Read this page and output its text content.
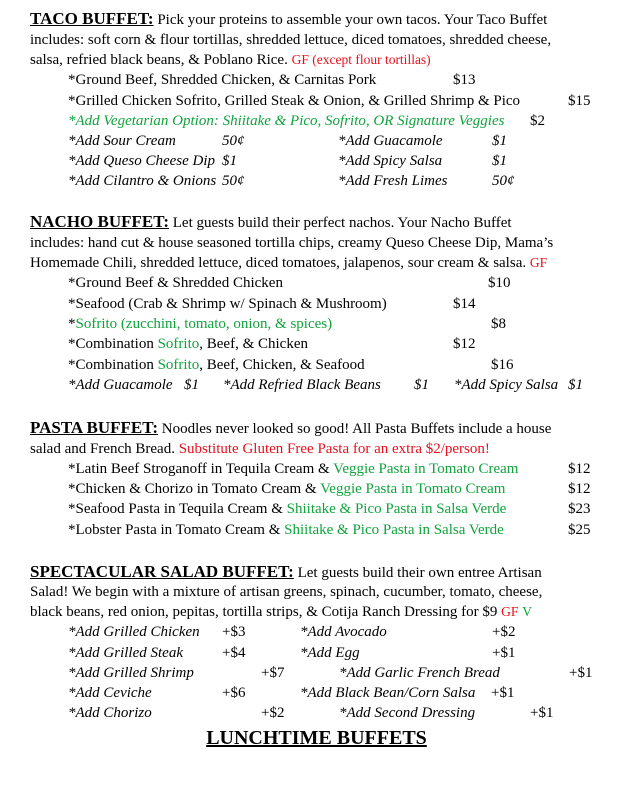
TACO BUFFET: Pick your proteins to assemble your own tacos. Your Taco Buffet
includes: soft corn & flour tortillas, shredded lettuce, diced tomatoes, shredded cheese,
salsa, refried black beans, & Poblano Rice. GF (except flour tortillas)
*Ground Beef, Shredded Chicken, & Carnitas Pork	$13
*Grilled Chicken Sofrito, Grilled Steak & Onion, & Grilled Shrimp & Pico	$15
*Add Vegetarian Option: Shiitake & Pico, Sofrito, OR Signature Veggies $2
*Add Sour Cream	50¢	*Add Guacamole	$1
*Add Queso Cheese Dip $1	*Add Spicy Salsa	$1
*Add Cilantro & Onions 50¢	*Add Fresh Limes	50¢
NACHO BUFFET: Let guests build their perfect nachos. Your Nacho Buffet
includes: hand cut & house seasoned tortilla chips, creamy Queso Cheese Dip, Mama’s
Homemade Chili, shredded lettuce, diced tomatoes, jalapenos, sour cream & salsa. GF
*Ground Beef & Shredded Chicken	$10
*Seafood (Crab & Shrimp w/ Spinach & Mushroom)	$14
*Sofrito (zucchini, tomato, onion, & spices)	$8
*Combination Sofrito, Beef, & Chicken	$12
*Combination Sofrito, Beef, Chicken, & Seafood	$16
*Add Guacamole $1 *Add Refried Black Beans $1 *Add Spicy Salsa $1
PASTA BUFFET: Noodles never looked so good! All Pasta Buffets include a house
salad and French Bread. Substitute Gluten Free Pasta for an extra $2/person!
*Latin Beef Stroganoff in Tequila Cream & Veggie Pasta in Tomato Cream	$12
*Chicken & Chorizo in Tomato Cream & Veggie Pasta in Tomato Cream	$12
*Seafood Pasta in Tequila Cream & Shiitake & Pico Pasta in Salsa Verde	$23
*Lobster Pasta in Tomato Cream & Shiitake & Pico Pasta in Salsa Verde	$25
SPECTACULAR SALAD BUFFET: Let guests build their own entree Artisan
Salad! We begin with a mixture of artisan greens, spinach, cucumber, tomato, cheese,
black beans, red onion, pepitas, tortilla strips, & Cotija Ranch Dressing for $9 GF V
*Add Grilled Chicken +$3	*Add Avocado	+$2
*Add Grilled Steak	+$4	*Add Egg	+$1
*Add Grilled Shrimp	+$7	*Add Garlic French Bread	+$1
*Add Ceviche	+$6	*Add Black Bean/Corn Salsa +$1
*Add Chorizo	+$2	*Add Second Dressing	+$1
LUNCHTIME BUFFETS
